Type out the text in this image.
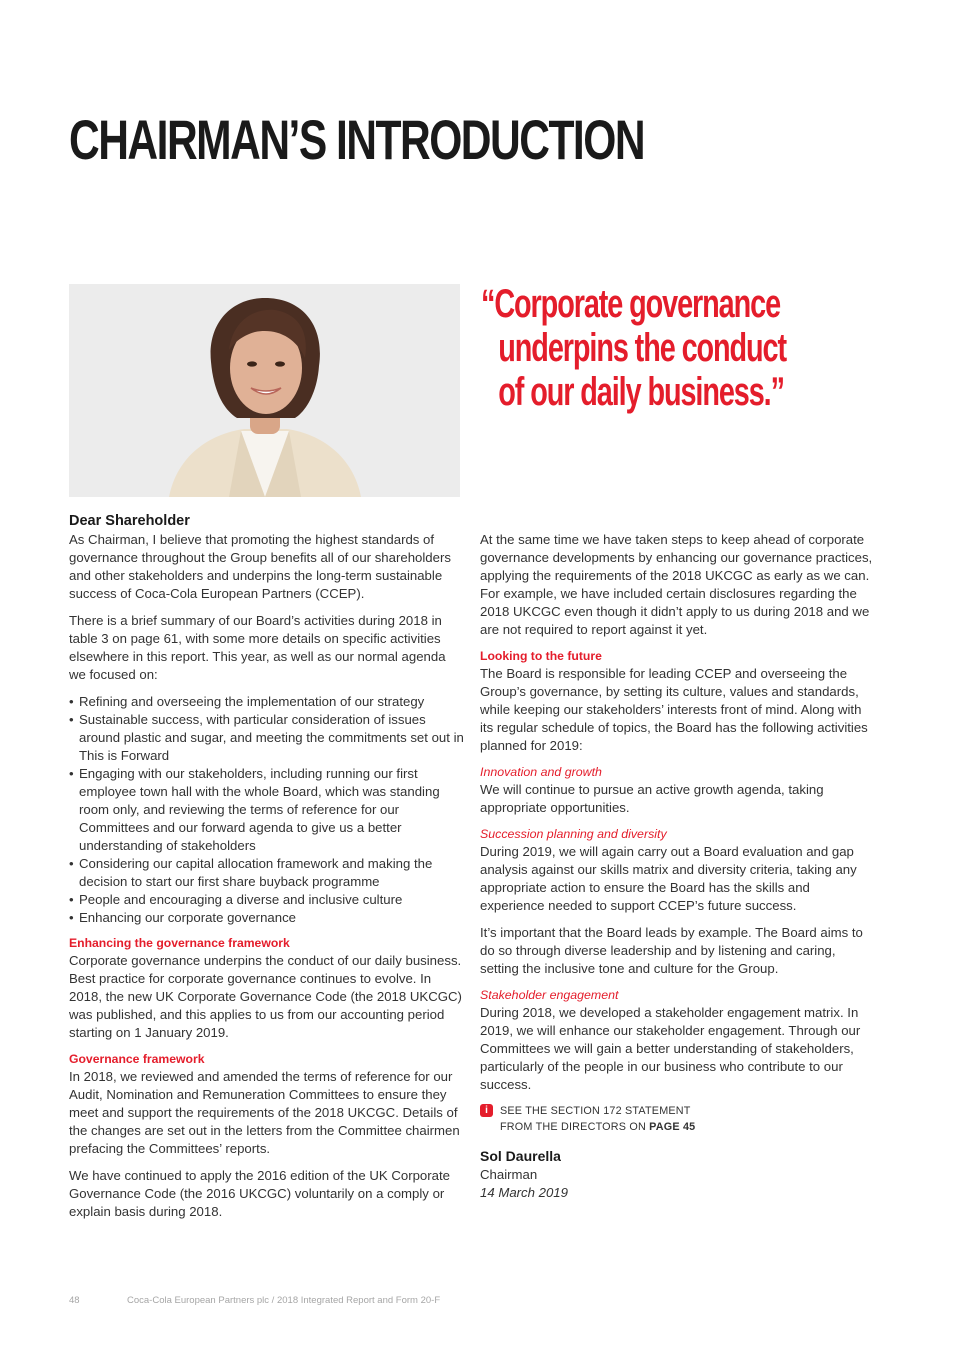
CHAIRMAN’S INTRODUCTION
“Corporate governance
underpins the conduct
of our daily business.”

Dear Shareholder

As Chairman, I believe that promoting the highest standards of governance throughout the Group benefits all of our shareholders and other stakeholders and underpins the long-term sustainable success of Coca-Cola European Partners (CCEP).

There is a brief summary of our Board’s activities during 2018 in table 3 on page 61, with some more details on specific activities elsewhere in this report. This year, as well as our normal agenda we focused on:

• Refining and overseeing the implementation of our strategy
• Sustainable success, with particular consideration of issues around plastic and sugar, and meeting the commitments set out in This is Forward
• Engaging with our stakeholders, including running our first employee town hall with the whole Board, which was standing room only, and reviewing the terms of reference for our Committees and our forward agenda to give us a better understanding of stakeholders
• Considering our capital allocation framework and making the decision to start our first share buyback programme
• People and encouraging a diverse and inclusive culture
• Enhancing our corporate governance

Enhancing the governance framework

Corporate governance underpins the conduct of our daily business. Best practice for corporate governance continues to evolve. In 2018, the new UK Corporate Governance Code (the 2018 UKCGC) was published, and this applies to us from our accounting period starting on 1 January 2019.

Governance framework

In 2018, we reviewed and amended the terms of reference for our Audit, Nomination and Remuneration Committees to ensure they meet and support the requirements of the 2018 UKCGC. Details of the changes are set out in the letters from the Committee chairmen prefacing the Committees’ reports.

We have continued to apply the 2016 edition of the UK Corporate Governance Code (the 2016 UKCGC) voluntarily on a comply or explain basis during 2018.

At the same time we have taken steps to keep ahead of corporate governance developments by enhancing our governance practices, applying the requirements of the 2018 UKCGC as early as we can. For example, we have included certain disclosures regarding the 2018 UKCGC even though it didn’t apply to us during 2018 and we are not required to report against it yet.

Looking to the future

The Board is responsible for leading CCEP and overseeing the Group’s governance, by setting its culture, values and standards, while keeping our stakeholders’ interests front of mind. Along with its regular schedule of topics, the Board has the following activities planned for 2019:

Innovation and growth

We will continue to pursue an active growth agenda, taking appropriate opportunities.

Succession planning and diversity

During 2019, we will again carry out a Board evaluation and gap analysis against our skills matrix and diversity criteria, taking any appropriate action to ensure the Board has the skills and experience needed to support CCEP’s future success.

It’s important that the Board leads by example. The Board aims to do so through diverse leadership and by listening and caring, setting the inclusive tone and culture for the Group.

Stakeholder engagement

During 2018, we developed a stakeholder engagement matrix. In 2019, we will enhance our stakeholder engagement. Through our Committees we will gain a better understanding of stakeholders, particularly of the people in our business who contribute to our success.

i	SEE THE SECTION 172 STATEMENT
FROM THE DIRECTORS ON PAGE 45

Sol Daurella

Chairman

14 March 2019

48	Coca-Cola European Partners plc / 2018 Integrated Report and Form 20-F
